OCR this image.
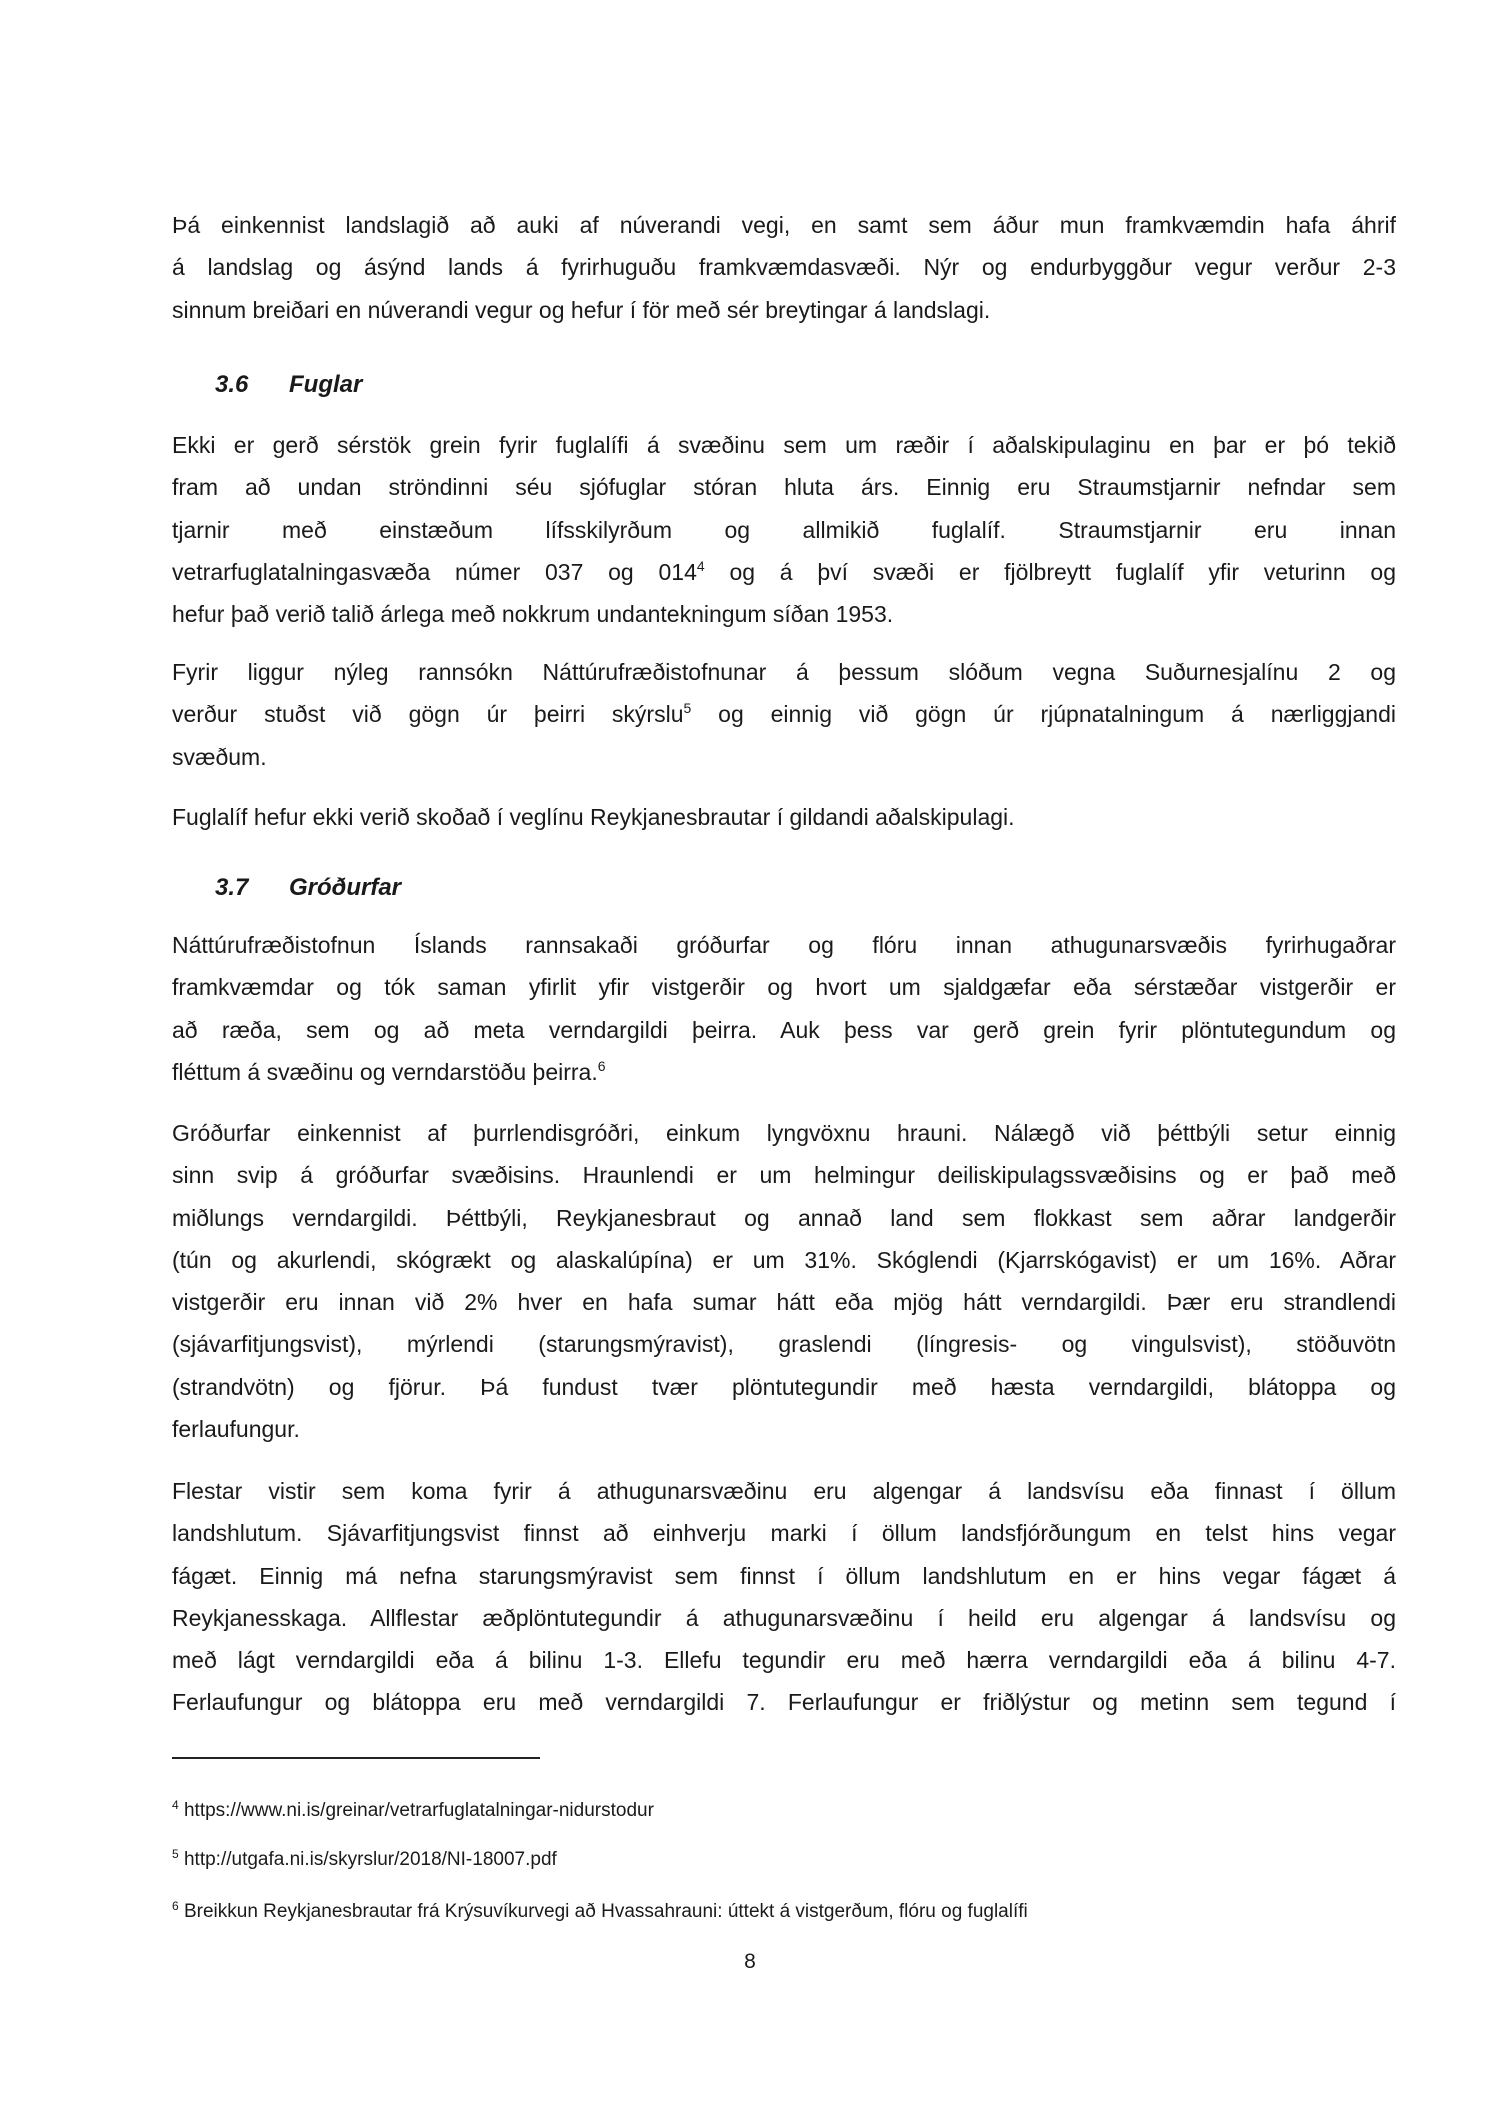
3.6 Fuglar
3.7 Gróðurfar
Þá einkennist landslagið að auki af núverandi vegi, en samt sem áður mun framkvæmdin hafa áhrif
á landslag og ásýnd lands á fyrirhuguðu framkvæmdasvæði. Nýr og endurbyggður vegur verður 2-3
sinnum breiðari en núverandi vegur og hefur í för með sér breytingar á landslagi.
Ekki er gerð sérstök grein fyrir fuglalífi á svæðinu sem um ræðir í aðalskipulaginu en þar er þó tekið
fram að undan ströndinni séu sjófuglar stóran hluta árs. Einnig eru Straumstjarnir nefndar sem
tjarnir með einstæðum lífsskilyrðum og allmikið fuglalíf. Straumstjarnir eru innan
vetrarfuglatalningasvæða númer 037 og $014^4$ og á því svæði er fjölbreytt fuglalíf yfir veturinn og
hefur það verið talið árlega með nokkrum undantekningum síðan 1953.
Fyrir liggur nýleg rannsókn Náttúrufræðistofnunar á þessum slóðum vegna Suðurnesjalínu 2 og
verður stuðst við gögn úr þeirri skýrslu$^5$ og einnig við gögn úr rjúpnatalningum á nærliggjandi
svæðum.
Fuglalíf hefur ekki verið skoðað í veglínu Reykjanesbrautar í gildandi aðalskipulagi.
Náttúrufræðistofnun Íslands rannsakaði gróðurfar og flóru innan athugunarsvæðis fyrirhugaðrar
framkvæmdar og tók saman yfirlit yfir vistgerðir og hvort um sjaldgæfar eða sérstæðar vistgerðir er
að ræða, sem og að meta verndargildi þeirra. Auk þess var gerð grein fyrir plöntutegundum og
fléttum á svæðinu og verndarstöðu þeirra.$^6$
Gróðurfar einkennist af þurrlendisgróðri, einkum lyngvöxnu hrauni. Nálægð við þéttbýli setur einnig
sinn svip á gróðurfar svæðisins. Hraunlendi er um helmingur deiliskipulagssvæðisins og er það með
miðlungs verndargildi. Þéttbýli, Reykjanesbraut og annað land sem flokkast sem aðrar landgerðir
(tún og akurlendi, skógrækt og alaskalúpína) er um 31%. Skóglendi (Kjarrskógavist) er um 16%. Aðrar
vistgerðir eru innan við 2% hver en hafa sumar hátt eða mjög hátt verndargildi. Þær eru strandlendi
(sjávarfitjungsvist), mýrlendi (starungsmýravist), graslendi (língresis- og vingulsvist), stöðuvötn
(strandvötn) og fjörur. Þá fundust tvær plöntutegundir með hæsta verndargildi, blátoppa og
ferlaufungur.
Flestar vistir sem koma fyrir á athugunarsvæðinu eru algengar á landsvísu eða finnast í öllum
landshlutum. Sjávarfitjungsvist finnst að einhverju marki í öllum landsfjórðungum en telst hins vegar
fágæt. Einnig má nefna starungsmýravist sem finnst í öllum landshlutum en er hins vegar fágæt á
Reykjanesskaga. Allflestar æðplöntutegundir á athugunarsvæðinu í heild eru algengar á landsvísu og
með lágt verndargildi eða á bilinu 1-3. Ellefu tegundir eru með hærra verndargildi eða á bilinu 4-7.
Ferlaufungur og blátoppa eru með verndargildi 7. Ferlaufungur er friðlýstur og metinn sem tegund í
$^4$ https://www.ni.is/greinar/vetrarfuglatalningar-nidurstodur
$^5$ http://utgafa.ni.is/skyrslur/2018/NI-18007.pdf
$^6$ Breikkun Reykjanesbrautar frá Krýsuvíkurvegi að Hvassahrauni: úttekt á vistgerðum, flóru og fuglalífi
8
